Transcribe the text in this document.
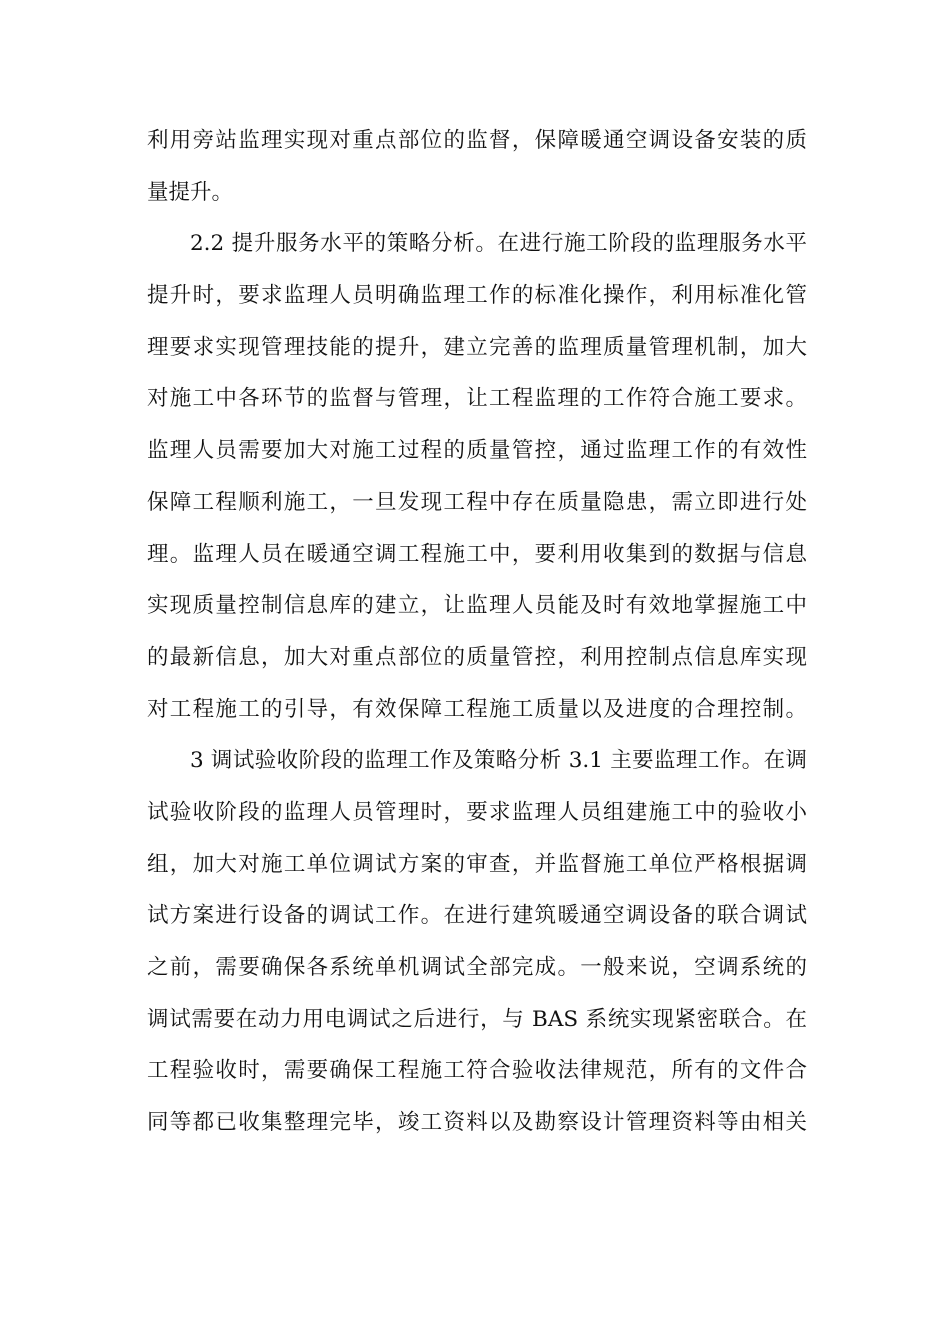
利用旁站监理实现对重点部位的监督，保障暖通空调设备安装的质
量提升。
2.2 提升服务水平的策略分析。在进行施工阶段的监理服务水平
提升时，要求监理人员明确监理工作的标准化操作，利用标准化管
理要求实现管理技能的提升，建立完善的监理质量管理机制，加大
对施工中各环节的监督与管理，让工程监理的工作符合施工要求。
监理人员需要加大对施工过程的质量管控，通过监理工作的有效性
保障工程顺利施工，一旦发现工程中存在质量隐患，需立即进行处
理。监理人员在暖通空调工程施工中，要利用收集到的数据与信息
实现质量控制信息库的建立，让监理人员能及时有效地掌握施工中
的最新信息，加大对重点部位的质量管控，利用控制点信息库实现
对工程施工的引导，有效保障工程施工质量以及进度的合理控制。
3 调试验收阶段的监理工作及策略分析 3.1 主要监理工作。在调
试验收阶段的监理人员管理时，要求监理人员组建施工中的验收小
组，加大对施工单位调试方案的审查，并监督施工单位严格根据调
试方案进行设备的调试工作。在进行建筑暖通空调设备的联合调试
之前，需要确保各系统单机调试全部完成。一般来说，空调系统的
调试需要在动力用电调试之后进行，与 BAS 系统实现紧密联合。在
工程验收时，需要确保工程施工符合验收法律规范，所有的文件合
同等都已收集整理完毕，竣工资料以及勘察设计管理资料等由相关
